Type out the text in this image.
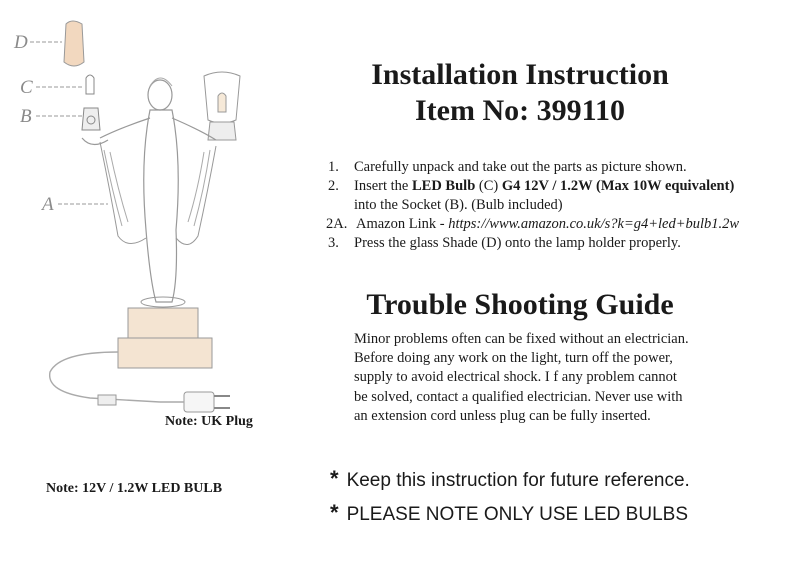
D
C
B
A
Installation Instruction
Item No: 399110
1. Carefully unpack and take out the parts as picture shown.
2. Insert the LED Bulb (C) G4 12V / 1.2W (Max 10W equivalent)
into the Socket (B). (Bulb included)
2A. Amazon Link - https://www.amazon.co.uk/s?k=g4+led+bulb1.2w
3. Press the glass Shade (D) onto the lamp holder properly.
Trouble Shooting Guide
Minor problems often can be fixed without an electrician.
Before doing any work on the light, turn off the power,
supply to avoid electrical shock. I f any problem cannot
be solved, contact a qualified electrician. Never use with
an extension cord unless plug can be fully inserted.
* Keep this instruction for future reference.
* PLEASE NOTE ONLY USE LED BULBS
Note: UK Plug
Note: 12V / 1.2W LED BULB
